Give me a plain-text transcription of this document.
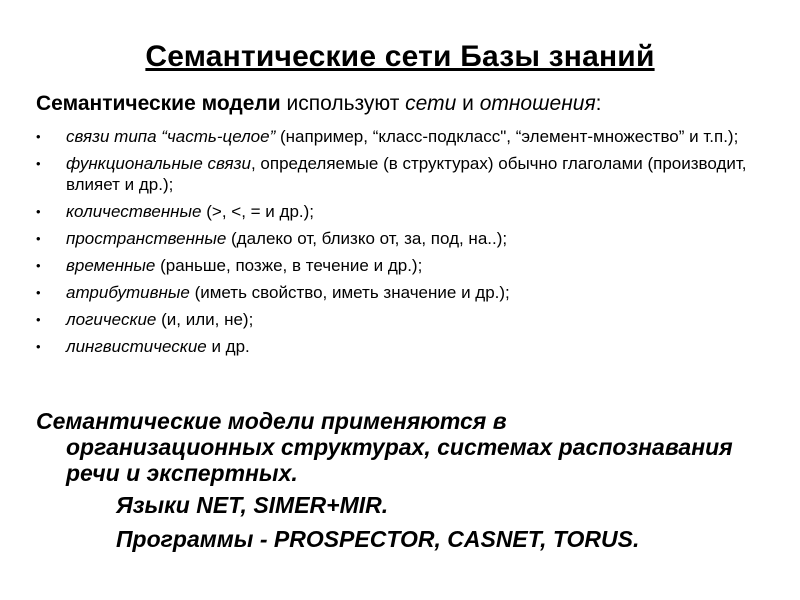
Семантические сети Базы знаний

Семантические модели используют сети и отношения:

•	связи типа “часть-целое” (например, “класс-подкласс", “элемент-множество” и т.п.);
•	функциональные связи, определяемые (в структурах) обычно глаголами (производит, влияет и др.);
•	количественные (>, <, = и др.);
•	пространственные (далеко от, близко от, за, под, на..);
•	временные (раньше, позже, в течение и др.);
•	атрибутивные (иметь свойство, иметь значение и др.);
•	логические (и, или, не);
•	лингвистические и др.

Семантические модели применяются в
организационных структурах, системах распознавания речи и экспертных.

Языки NET, SIMER+MIR.

Программы - PROSPECTOR, CASNET, TORUS.
